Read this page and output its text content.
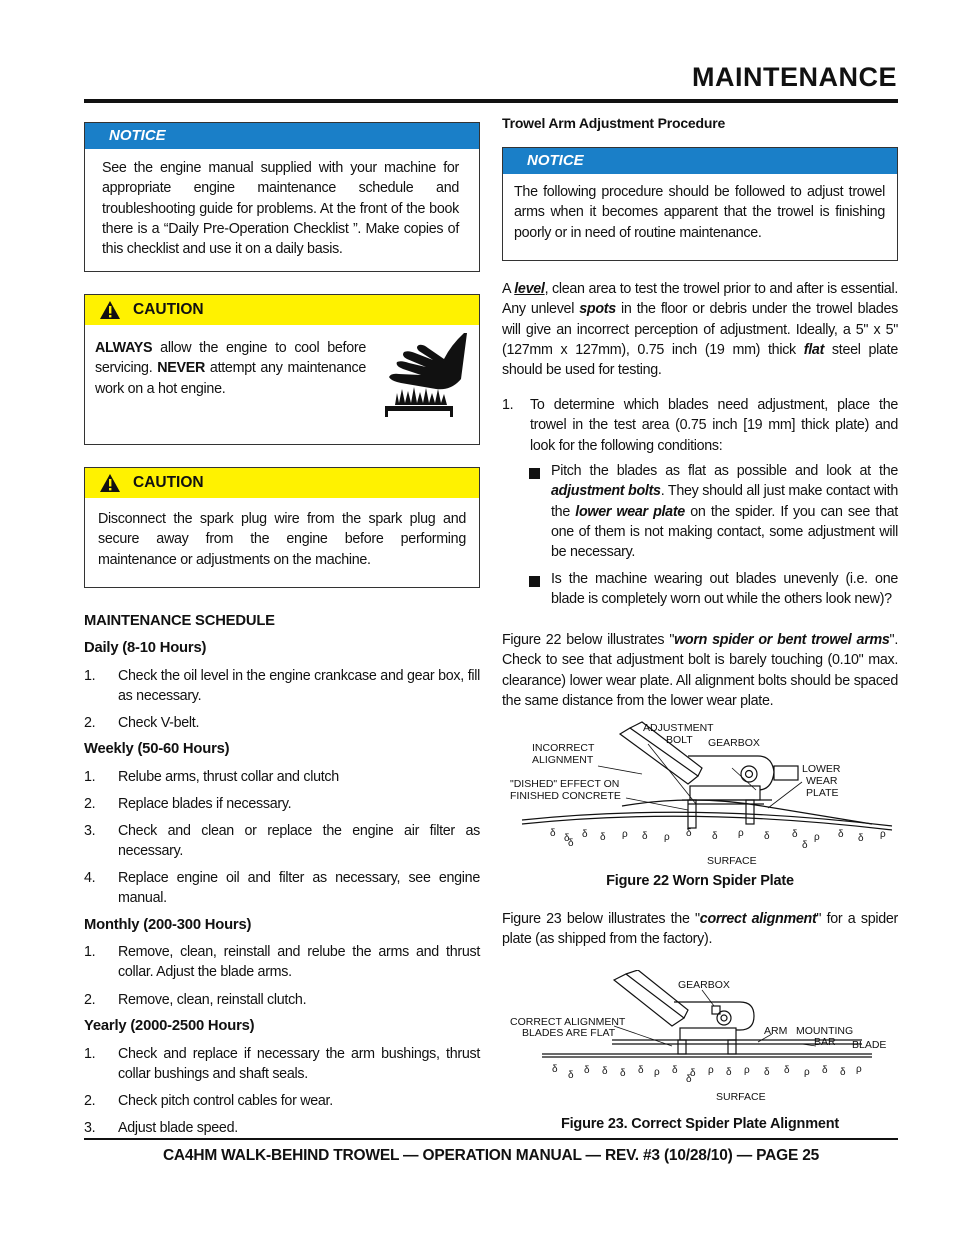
MAINTENANCE
NOTICE
See the engine manual supplied with your machine for appropriate engine maintenance schedule and troubleshooting guide for problems. At the front of the book there is a “Daily Pre-Operation Checklist ”. Make copies of this checklist and use it on a daily basis.
CAUTION
ALWAYS allow the engine to cool before servicing. NEVER attempt any maintenance work on a hot engine.
CAUTION
Disconnect the spark plug wire from the spark plug and secure away from the engine before performing maintenance or adjustments on the machine.
MAINTENANCE SCHEDULE
Daily (8-10 Hours)
1. Check the oil level in the engine crankcase and gear box, fill as necessary.
2. Check V-belt.
Weekly (50-60 Hours)
1. Relube arms, thrust collar and clutch
2. Replace blades if necessary.
3. Check and clean or replace the engine air filter as necessary.
4. Replace engine oil and filter as necessary, see engine manual.
Monthly (200-300 Hours)
1. Remove, clean, reinstall and relube the arms and thrust collar. Adjust the blade arms.
2. Remove, clean, reinstall clutch.
Yearly (2000-2500 Hours)
1. Check and replace if necessary the arm bushings, thrust collar bushings and shaft seals.
2. Check pitch control cables for wear.
3. Adjust blade speed.
Trowel Arm Adjustment Procedure
NOTICE
The following procedure should be followed to adjust trowel arms when it becomes apparent that the trowel is finishing poorly or in need of routine maintenance.
A level, clean area to test the trowel prior to and after is essential. Any unlevel spots in the floor or debris under the trowel blades will give an incorrect perception of adjustment. Ideally, a 5" x 5" (127mm x 127mm), 0.75 inch (19 mm) thick flat steel plate should be used for testing.
1. To determine which blades need adjustment, place the trowel in the test area (0.75 inch [19 mm] thick plate) and look for the following conditions:
Pitch the blades as flat as possible and look at the adjustment bolts. They should all just make contact with the lower wear plate on the spider. If you can see that one of them is not making contact, some adjustment will be necessary.
Is the machine wearing out blades unevenly (i.e. one blade is completely worn out while the others look new)?
Figure 22 below illustrates "worn spider or bent trowel arms". Check to see that adjustment bolt is barely touching (0.10" max. clearance) lower wear plate. All alignment bolts should be spaced the same distance from the lower wear plate.
δ δ δ δ ρ δ ρ δ δ ρ δ δ ρ δ δ ρ
δ	δ
ADJUSTMENT
BOLT GEARBOX
INCORRECT
ALIGNMENT
LOWER
WEAR
PLATE
"DISHED" EFFECT ON
FINISHED CONCRETE
SURFACE
Figure 22 Worn Spider Plate
Figure 23 below illustrates the "correct alignment" for a spider plate (as shipped from the factory).
δ
δ δ δ δ δ ρ δ δ ρ δ ρ δ δ ρ δ δ ρ
δ
GEARBOX
CORRECT ALIGNMENT
BLADES ARE FLAT	ARM MOUNTING
BAR BLADE
SURFACE
Figure 23. Correct Spider Plate Alignment
CA4HM WALK-BEHIND TROWEL — OPERATION MANUAL — REV. #3 (10/28/10) — PAGE 25
